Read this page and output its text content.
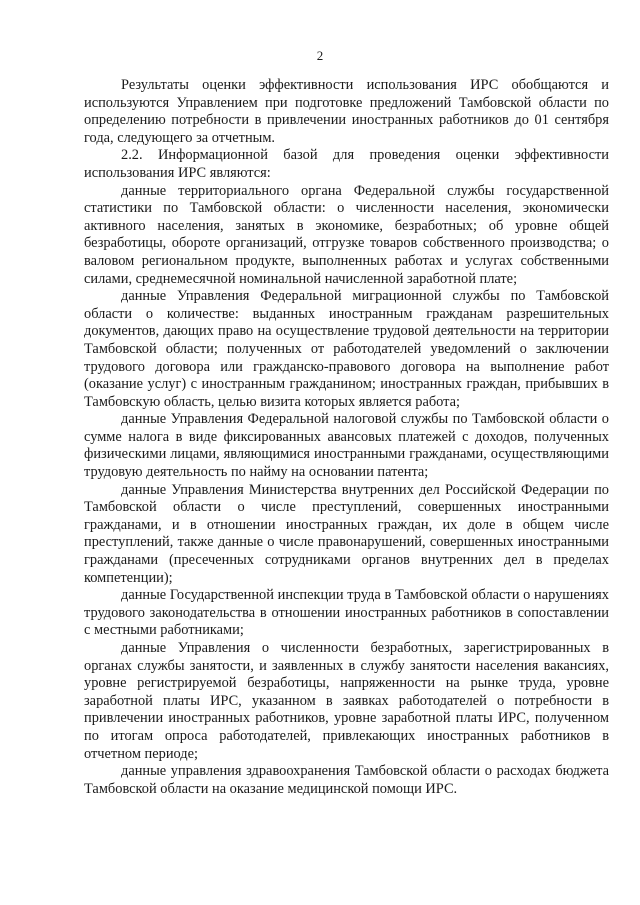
2

Результаты оценки эффективности использования ИРС обобщаются и используются Управлением при подготовке предложений Тамбовской области по определению потребности в привлечении иностранных работников до 01 сентября года, следующего за отчетным.

2.2. Информационной базой для проведения оценки эффективности использования ИРС являются:

данные территориального органа Федеральной службы государственной статистики по Тамбовской области: о численности населения, экономически активного населения, занятых в экономике, безработных; об уровне общей безработицы, обороте организаций, отгрузке товаров собственного производства; о валовом региональном продукте, выполненных работах и услугах собственными силами, среднемесячной номинальной начисленной заработной плате;

данные Управления Федеральной миграционной службы по Тамбовской области о количестве: выданных иностранным гражданам разрешительных документов, дающих право на осуществление трудовой деятельности на территории Тамбовской области; полученных от работодателей уведомлений о заключении трудового договора или гражданско-правового договора на выполнение работ (оказание услуг) с иностранным гражданином; иностранных граждан, прибывших в Тамбовскую область, целью визита которых является работа;

данные Управления Федеральной налоговой службы по Тамбовской области о сумме налога в виде фиксированных авансовых платежей с доходов, полученных физическими лицами, являющимися иностранными гражданами, осуществляющими трудовую деятельность по найму на основании патента;

данные Управления Министерства внутренних дел Российской Федерации по Тамбовской области о числе преступлений, совершенных иностранными гражданами, и в отношении иностранных граждан, их доле в общем числе преступлений, также данные о числе правонарушений, совершенных иностранными гражданами (пресеченных сотрудниками органов внутренних дел в пределах компетенции);

данные Государственной инспекции труда в Тамбовской области о нарушениях трудового законодательства в отношении иностранных работников в сопоставлении с местными работниками;

данные Управления о численности безработных, зарегистрированных в органах службы занятости, и заявленных в службу занятости населения вакансиях, уровне регистрируемой безработицы, напряженности на рынке труда, уровне заработной платы ИРС, указанном в заявках работодателей о потребности в привлечении иностранных работников, уровне заработной платы ИРС, полученном по итогам опроса работодателей, привлекающих иностранных работников в отчетном периоде;

данные управления здравоохранения Тамбовской области о расходах бюджета Тамбовской области на оказание медицинской помощи ИРС.
